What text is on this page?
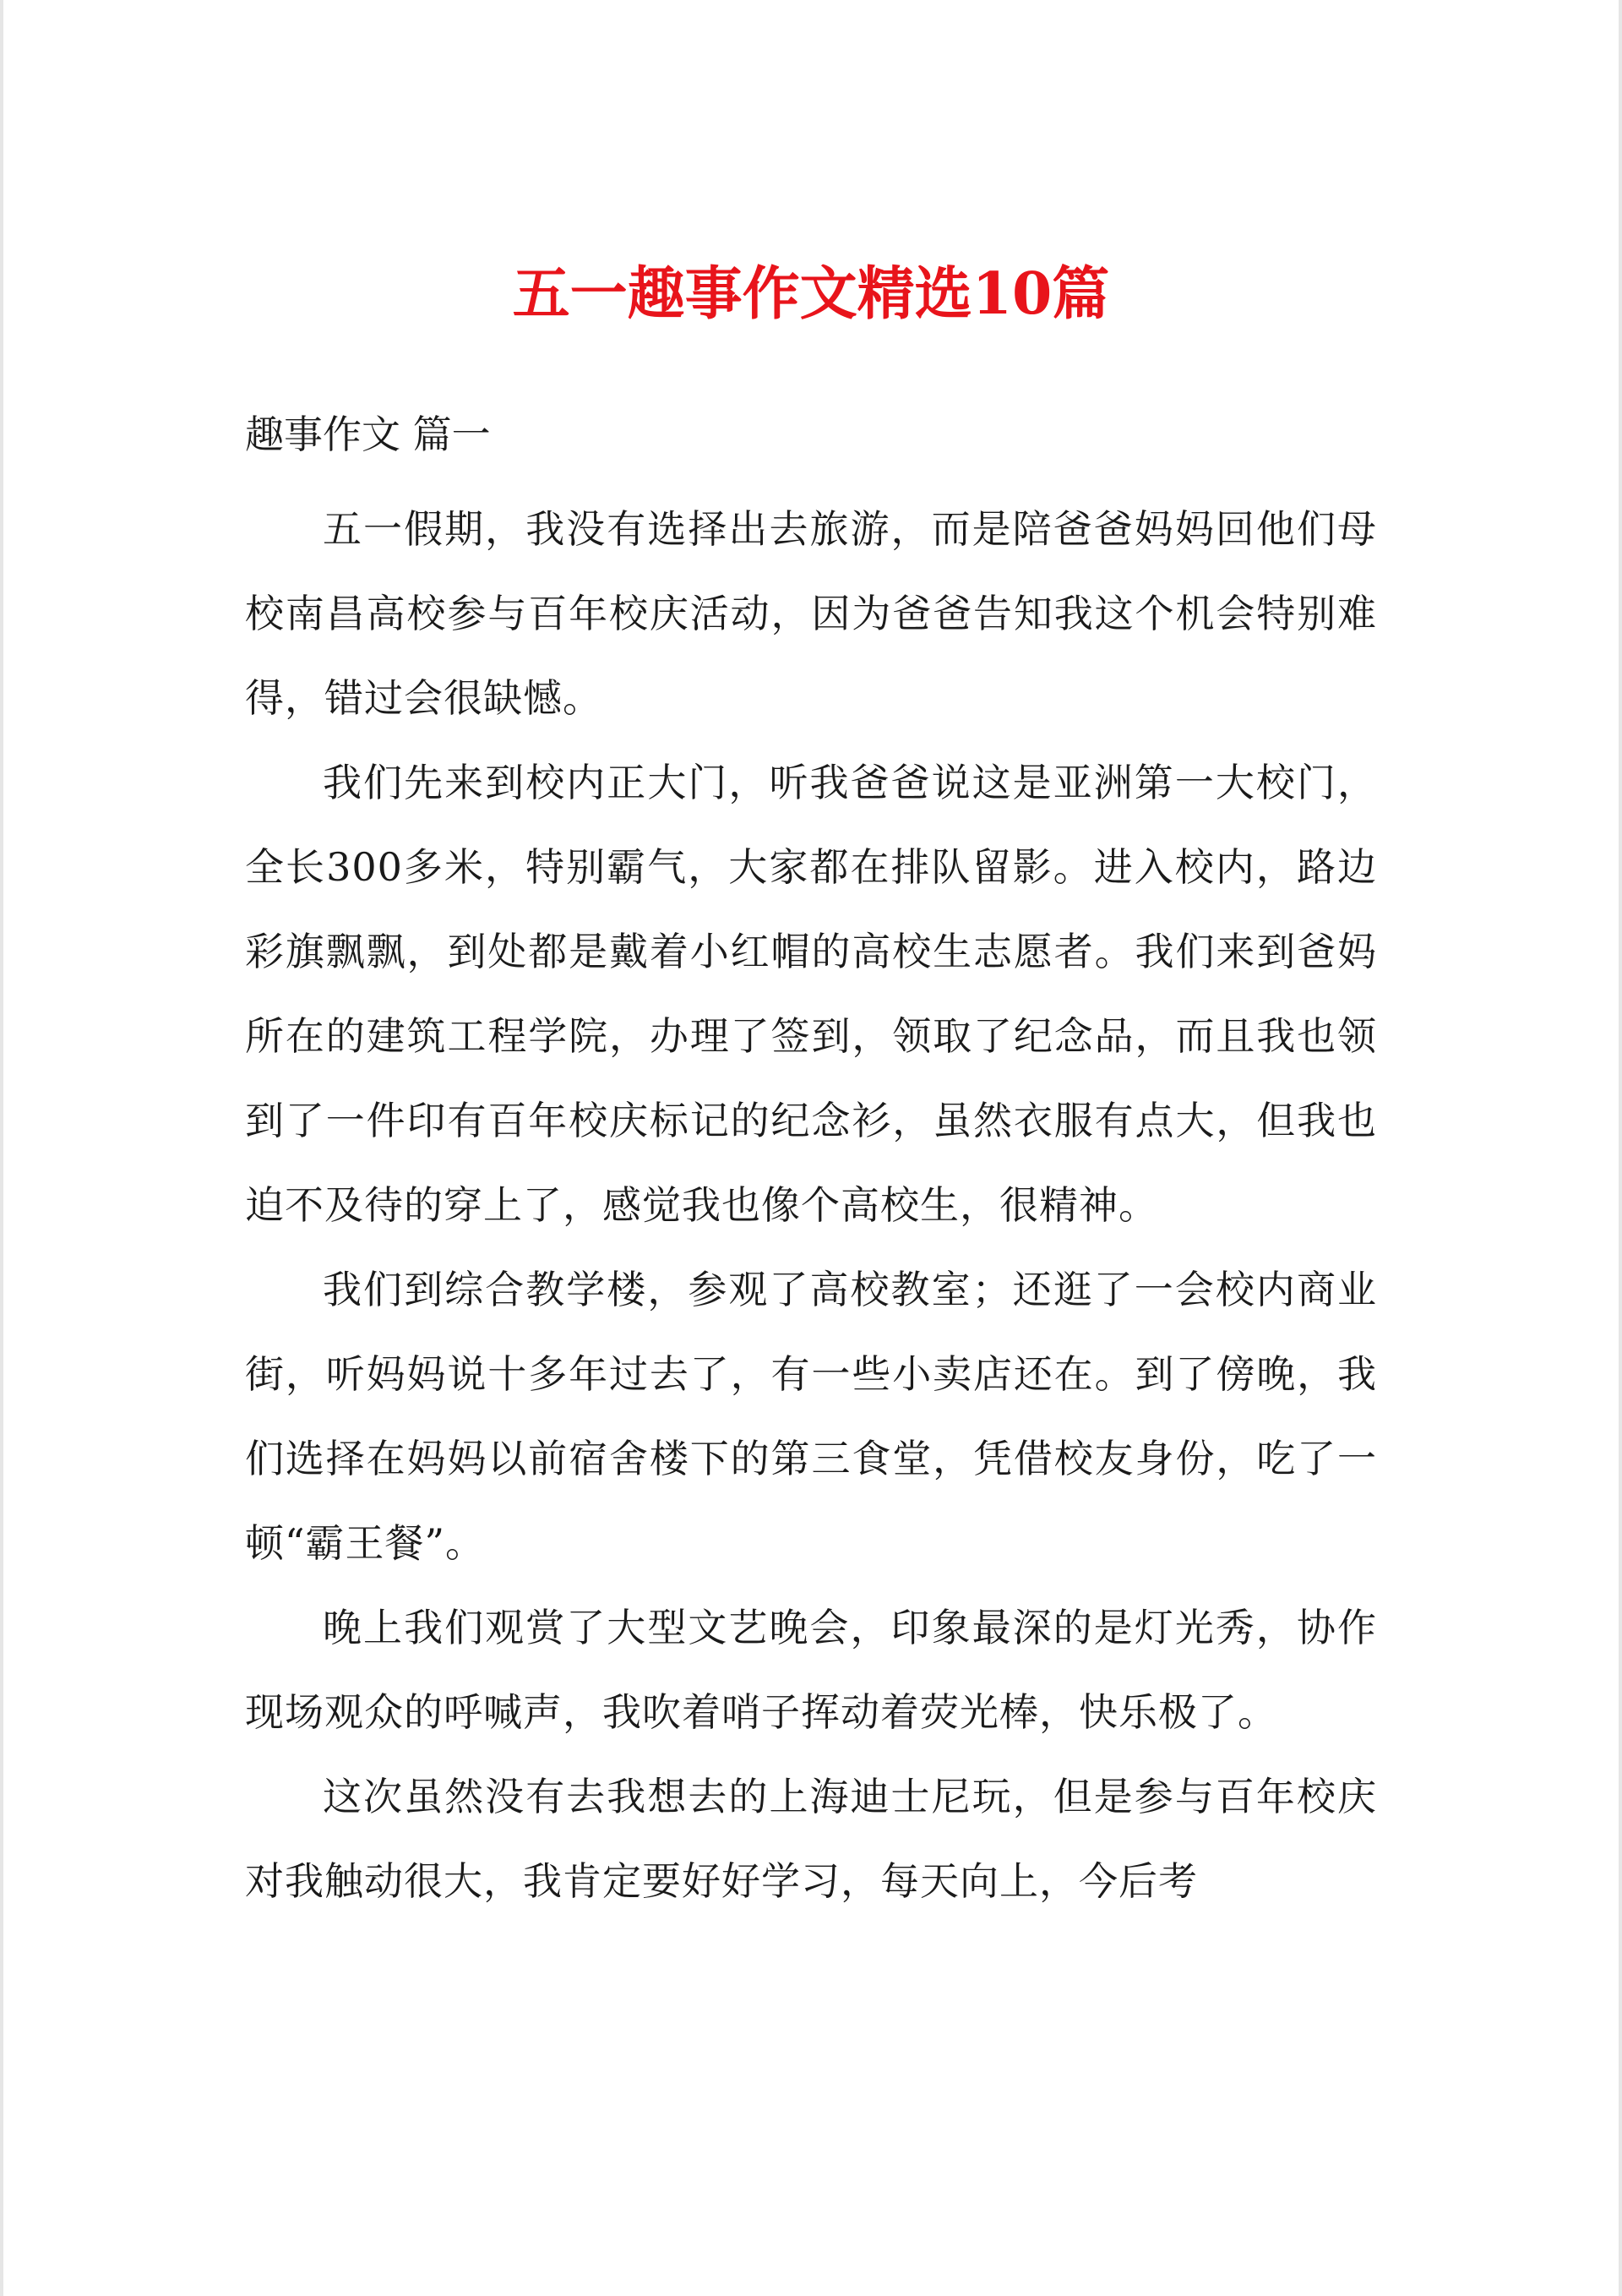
五一趣事作文精选10篇

趣事作文 篇一

五一假期，我没有选择出去旅游，而是陪爸爸妈妈回他们母校南昌高校参与百年校庆活动，因为爸爸告知我这个机会特别难得，错过会很缺憾。

我们先来到校内正大门，听我爸爸说这是亚洲第一大校门，全长300多米，特别霸气，大家都在排队留影。进入校内，路边彩旗飘飘，到处都是戴着小红帽的高校生志愿者。我们来到爸妈所在的建筑工程学院，办理了签到，领取了纪念品，而且我也领到了一件印有百年校庆标记的纪念衫，虽然衣服有点大，但我也迫不及待的穿上了，感觉我也像个高校生，很精神。

我们到综合教学楼，参观了高校教室；还逛了一会校内商业街，听妈妈说十多年过去了，有一些小卖店还在。到了傍晚，我们选择在妈妈以前宿舍楼下的第三食堂，凭借校友身份，吃了一顿“霸王餐”。

晚上我们观赏了大型文艺晚会，印象最深的是灯光秀，协作现场观众的呼喊声，我吹着哨子挥动着荧光棒，快乐极了。

这次虽然没有去我想去的上海迪士尼玩，但是参与百年校庆对我触动很大，我肯定要好好学习，每天向上，今后考
